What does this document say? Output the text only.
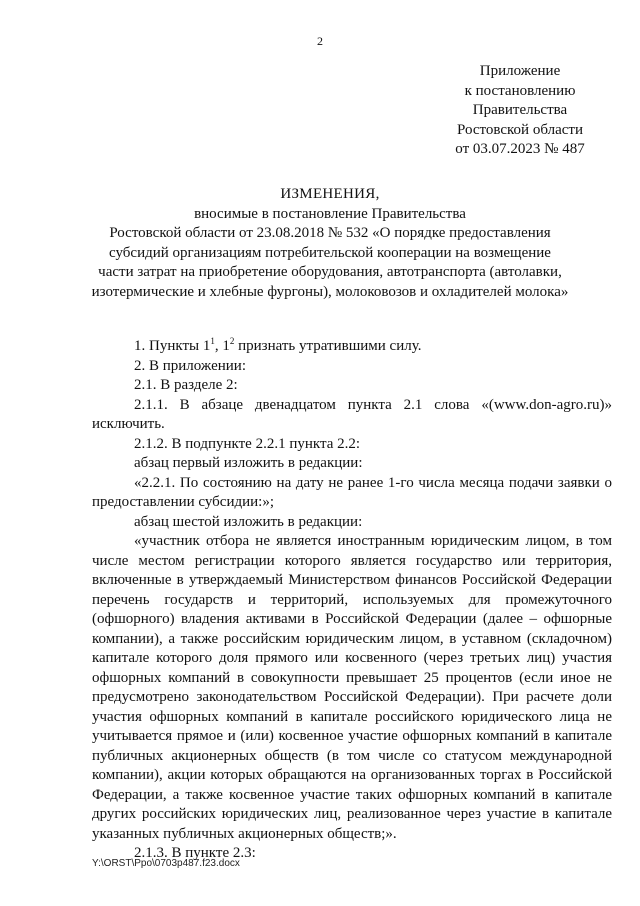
2
Приложение
к постановлению
Правительства
Ростовской области
от 03.07.2023 № 487
ИЗМЕНЕНИЯ,
вносимые в постановление Правительства
Ростовской области от 23.08.2018 № 532 «О порядке предоставления
субсидий организациям потребительской кооперации на возмещение
части затрат на приобретение оборудования, автотранспорта (автолавки,
изотермические и хлебные фургоны), молоковозов и охладителей молока»

1. Пункты $1^1$, $1^2$ признать утратившими силу.

2. В приложении:

2.1. В разделе 2:

2.1.1. В абзаце двенадцатом пункта 2.1 слова «(www.don-agro.ru)» исключить.

2.1.2. В подпункте 2.2.1 пункта 2.2:

абзац первый изложить в редакции:

«2.2.1. По состоянию на дату не ранее 1-го числа месяца подачи заявки о предоставлении субсидии:»;

абзац шестой изложить в редакции:

«участник отбора не является иностранным юридическим лицом, в том числе местом регистрации которого является государство или территория, включенные в утверждаемый Министерством финансов Российской Федерации перечень государств и территорий, используемых для промежуточного (офшорного) владения активами в Российской Федерации (далее – офшорные компании), а также российским юридическим лицом, в уставном (складочном) капитале которого доля прямого или косвенного (через третьих лиц) участия офшорных компаний в совокупности превышает 25 процентов (если иное не предусмотрено законодательством Российской Федерации). При расчете доли участия офшорных компаний в капитале российского юридического лица не учитывается прямое и (или) косвенное участие офшорных компаний в капитале публичных акционерных обществ (в том числе со статусом международной компании), акции которых обращаются на организованных торгах в Российской Федерации, а также косвенное участие таких офшорных компаний в капитале других российских юридических лиц, реализованное через участие в капитале указанных публичных акционерных обществ;».

2.1.3. В пункте 2.3:

Y:\ORST\Ppo\0703p487.f23.docx
